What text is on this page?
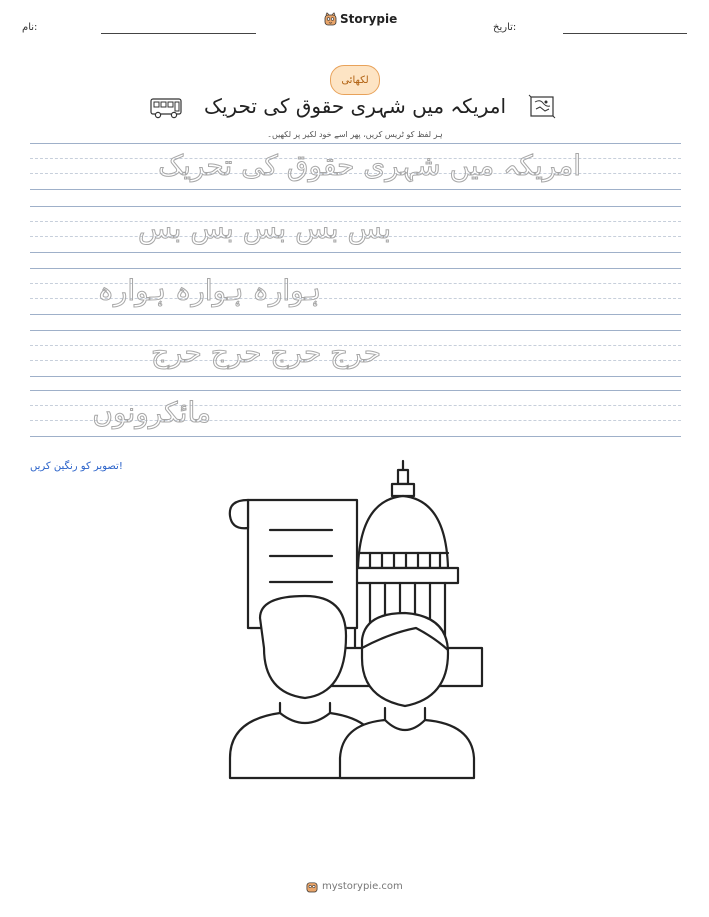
نام:
Storypie
تاریخ:
لکھائی
امریکہ میں شہری حقوق کی تحریک
ہر لفظ کو ٹریس کریں، پھر اسے خود لکیر پر لکھیں۔
امریکہ میں شہری حقوق کی تحریک
بس بس بس بس بس
ہوارہ ہوارہ ہوارہ
حرج حرج حرج حرج
مائکرونوں
تصویر کو رنگین کریں!
mystorypie.com
